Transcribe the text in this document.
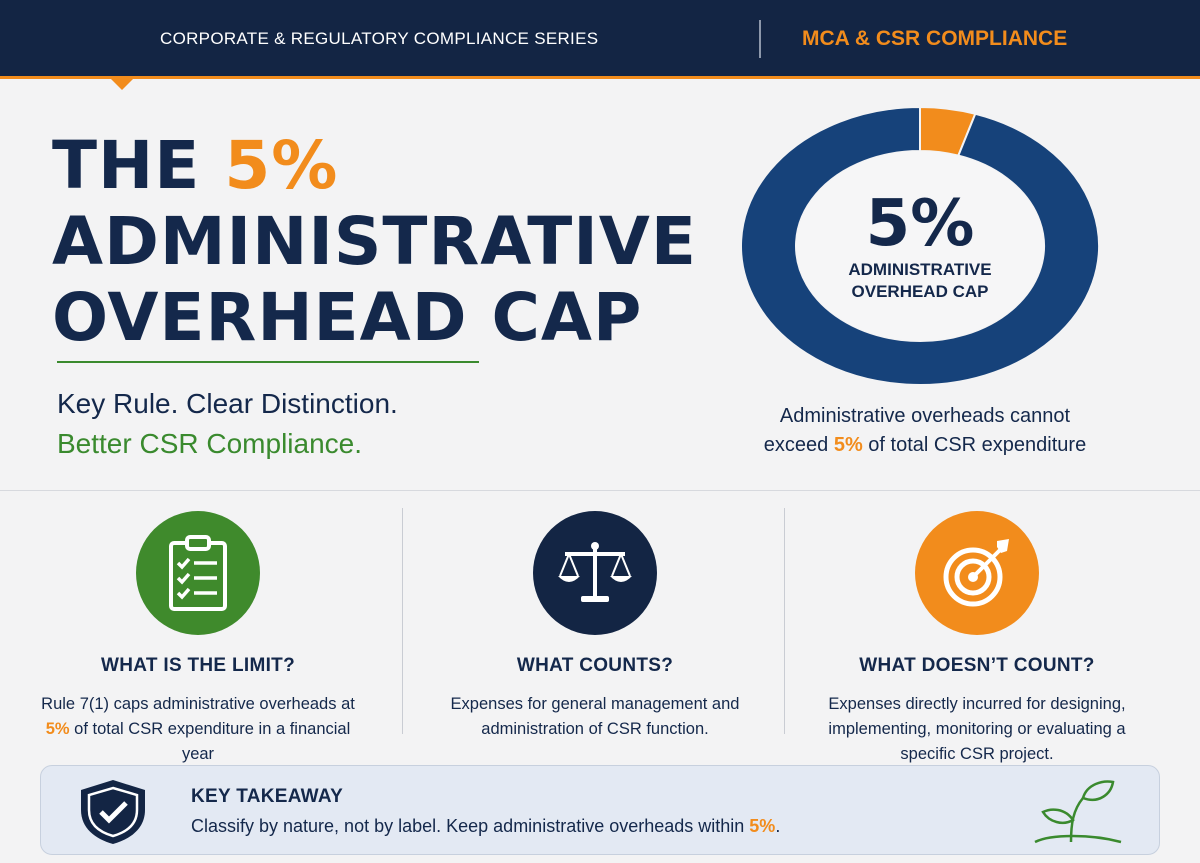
CORPORATE & REGULATORY COMPLIANCE SERIES	MCA & CSR COMPLIANCE
THE 5%
ADMINISTRATIVE
OVERHEAD CAP
Key Rule. Clear Distinction.
Better CSR Compliance.
5%
ADMINISTRATIVE OVERHEAD CAP
Administrative overheads cannot
exceed 5% of total CSR expenditure
WHAT IS THE LIMIT?
Rule 7(1) caps administrative overheads at 5% of total CSR expenditure in a financial year
WHAT COUNTS?
Expenses for general management and administration of CSR function.
WHAT DOESN’T COUNT?
Expenses directly incurred for designing, implementing, monitoring or evaluating a specific CSR project.
KEY TAKEAWAY
Classify by nature, not by label. Keep administrative overheads within 5%.
